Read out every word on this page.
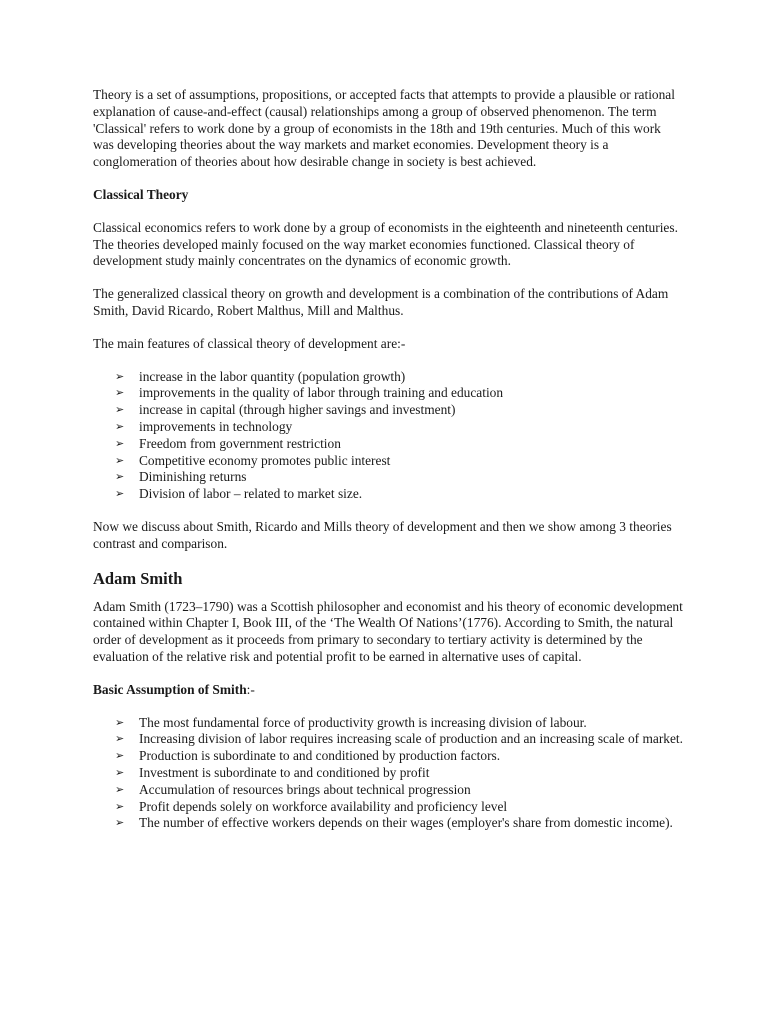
Theory is a set of assumptions, propositions, or accepted facts that attempts to provide a plausible or rational explanation of cause-and-effect (causal) relationships among a group of observed phenomenon. The term 'Classical' refers to work done by a group of economists in the 18th and 19th centuries. Much of this work was developing theories about the way markets and market economies. Development theory is a conglomeration of theories about how desirable change in society is best achieved.

Classical Theory

Classical economics refers to work done by a group of economists in the eighteenth and nineteenth centuries. The theories developed mainly focused on the way market economies functioned. Classical theory of development study mainly concentrates on the dynamics of economic growth.

The generalized classical theory on growth and development is a combination of the contributions of Adam Smith, David Ricardo, Robert Malthus, Mill and Malthus.

The main features of classical theory of development are:-

➢ increase in the labor quantity (population growth)
➢ improvements in the quality of labor through training and education
➢ increase in capital (through higher savings and investment)
➢ improvements in technology
➢ Freedom from government restriction
➢ Competitive economy promotes public interest
➢ Diminishing returns
➢ Division of labor – related to market size.

Now we discuss about Smith, Ricardo and Mills theory of development and then we show among 3 theories contrast and comparison.

Adam Smith

Adam Smith (1723–1790) was a Scottish philosopher and economist and his theory of economic development contained within Chapter I, Book III, of the ‘The Wealth Of Nations’(1776). According to Smith, the natural order of development as it proceeds from primary to secondary to tertiary activity is determined by the evaluation of the relative risk and potential profit to be earned in alternative uses of capital.

Basic Assumption of Smith:-

➢ The most fundamental force of productivity growth is increasing division of labour.
➢ Increasing division of labor requires increasing scale of production and an increasing scale of market.
➢ Production is subordinate to and conditioned by production factors.
➢ Investment is subordinate to and conditioned by profit
➢ Accumulation of resources brings about technical progression
➢ Profit depends solely on workforce availability and proficiency level
➢ The number of effective workers depends on their wages (employer's share from domestic income).
